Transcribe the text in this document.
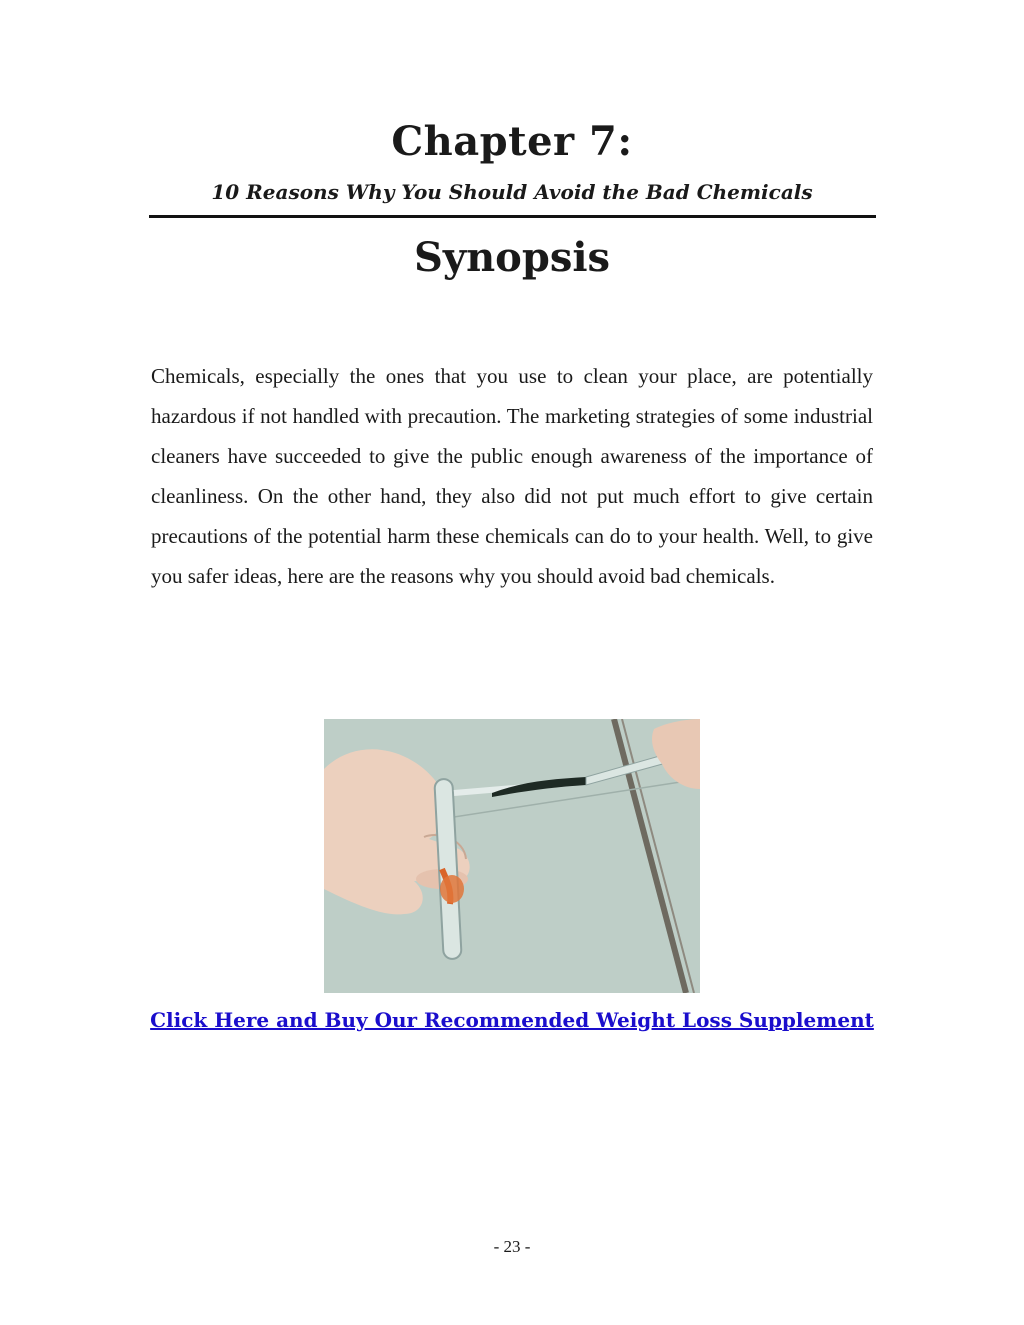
Chapter 7:
10 Reasons Why You Should Avoid the Bad Chemicals
Synopsis

Chemicals, especially the ones that you use to clean your place, are potentially hazardous if not handled with precaution. The marketing strategies of some industrial cleaners have succeeded to give the public enough awareness of the importance of cleanliness. On the other hand, they also did not put much effort to give certain precautions of the potential harm these chemicals can do to your health. Well, to give you safer ideas, here are the reasons why you should avoid bad chemicals.

Click Here and Buy Our Recommended Weight Loss Supplement
- 23 -
